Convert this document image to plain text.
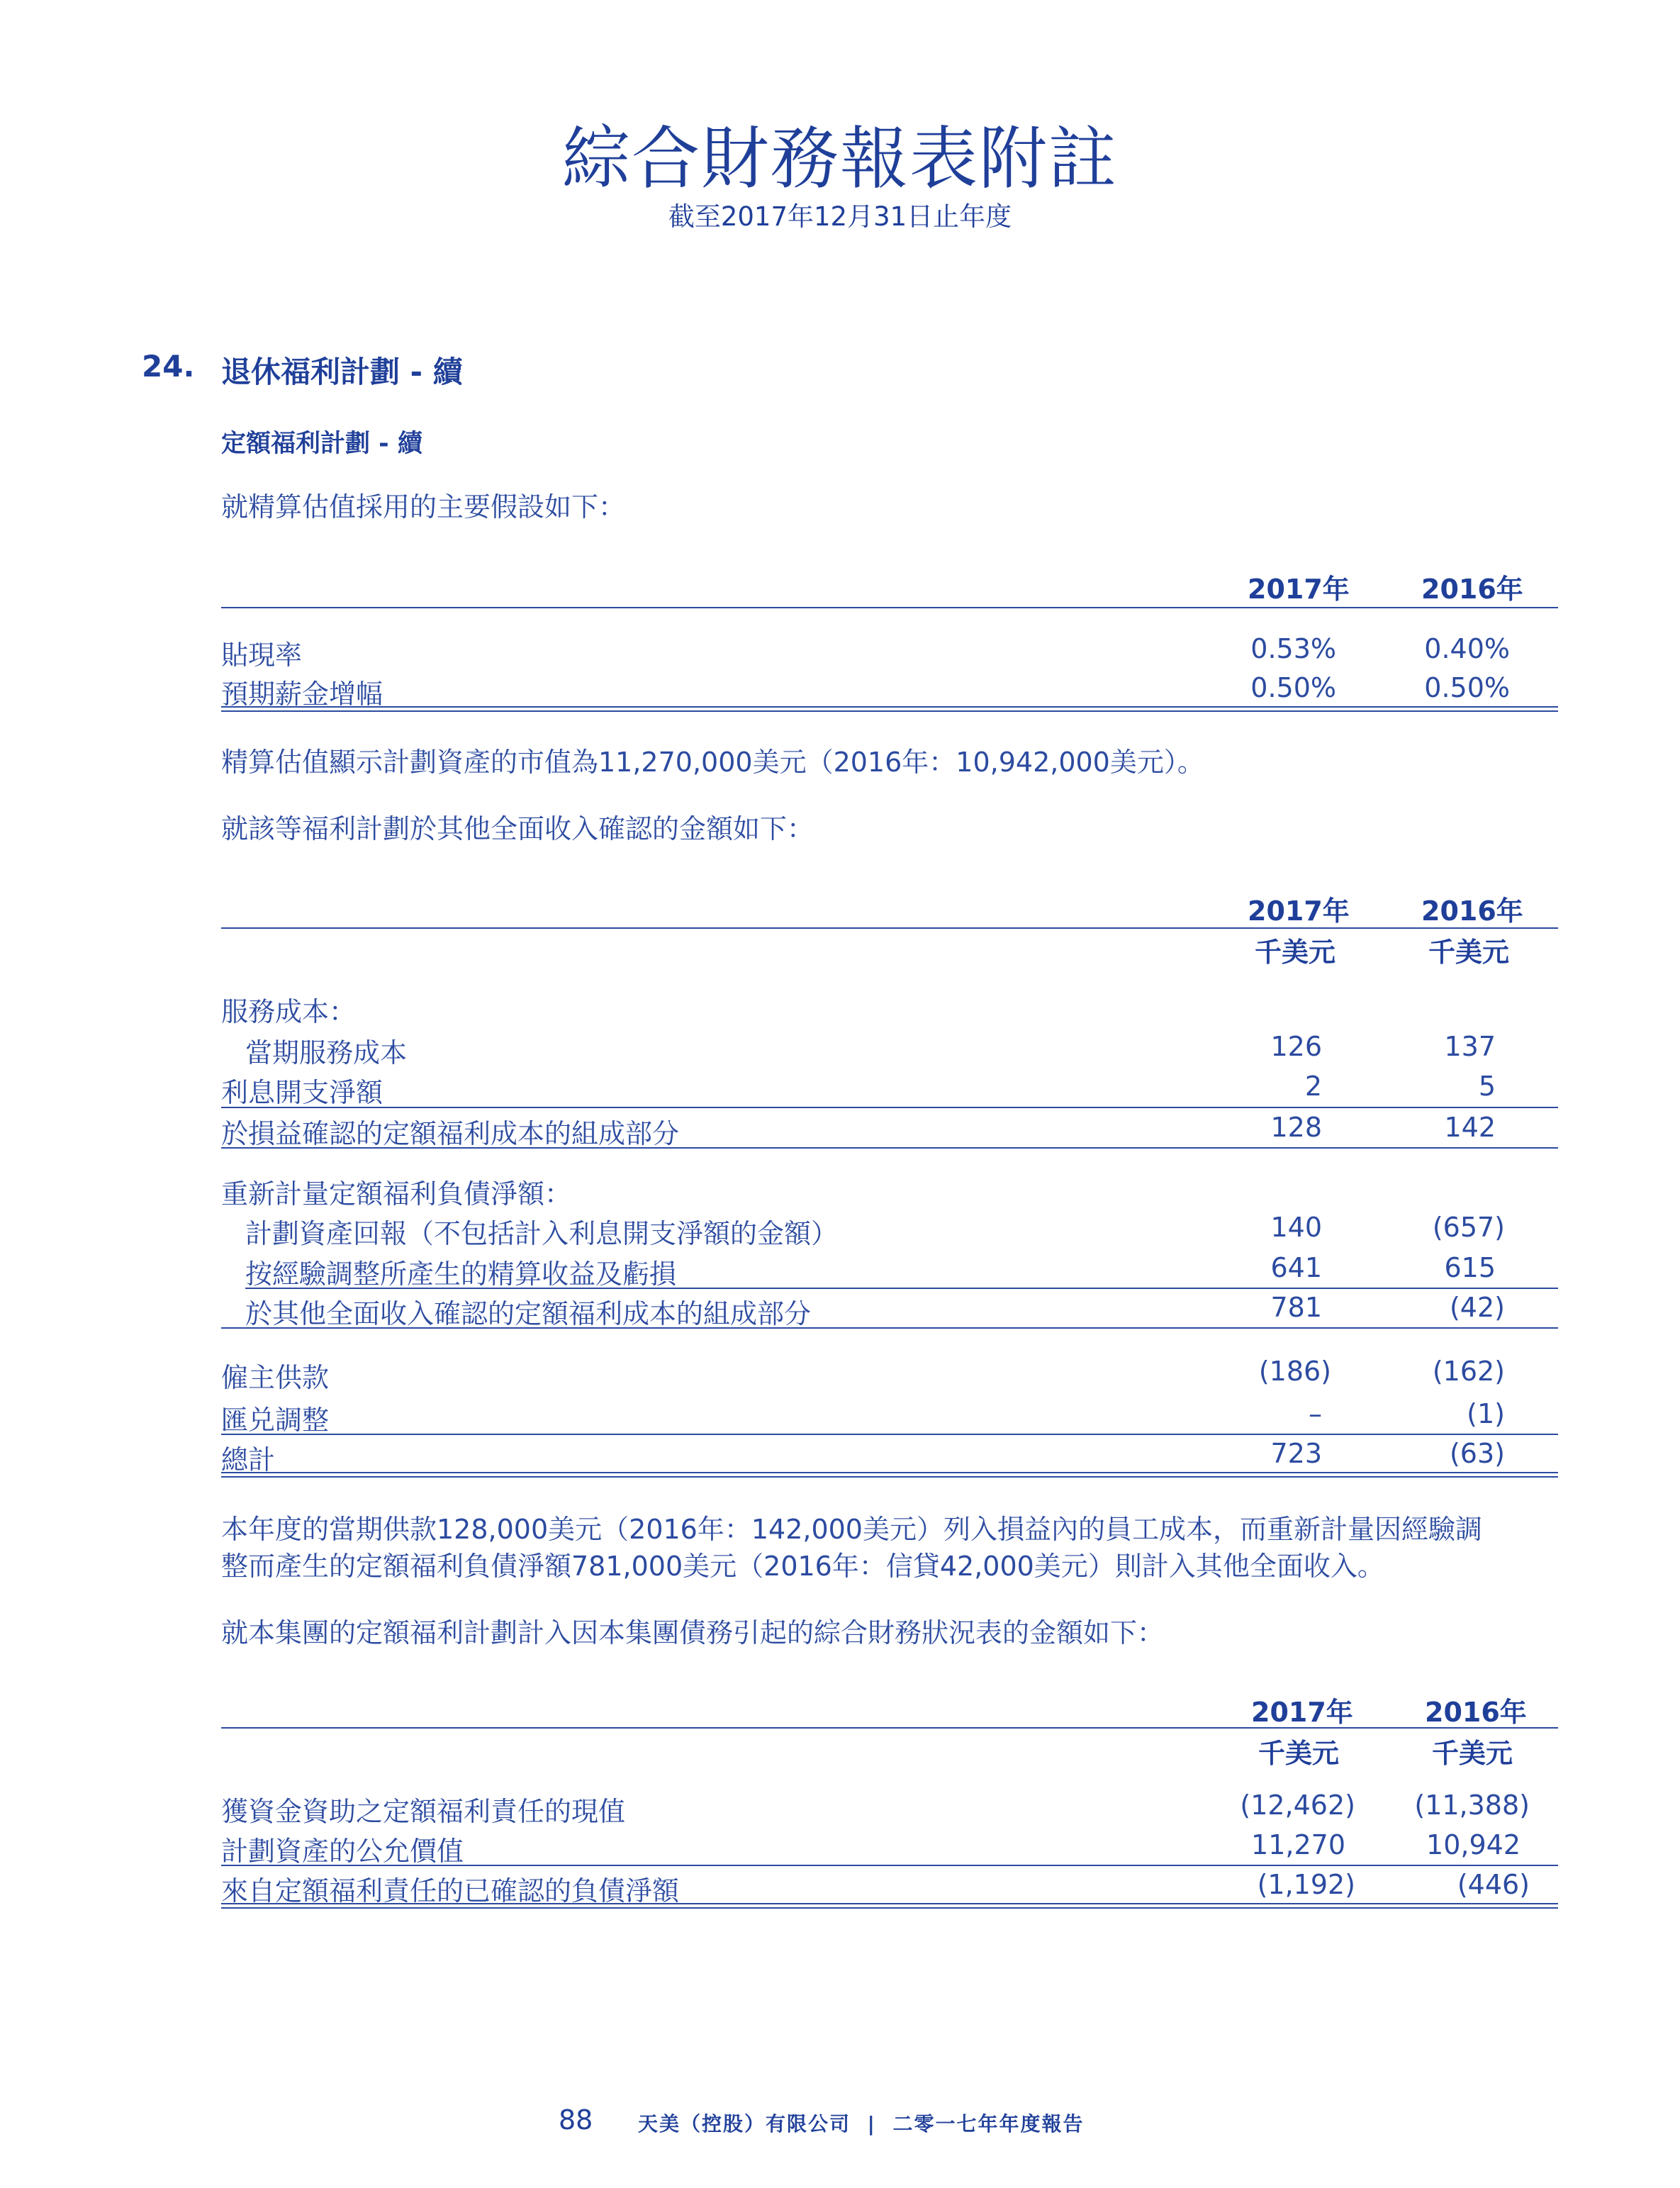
綜合財務報表附註
截至2017年12月31日止年度
24. 退休福利計劃 - 續
定額福利計劃 - 續
就精算估值採用的主要假設如下：
2017年	2016年
貼現率	0.53%	0.40%
預期薪金增幅	0.50%	0.50%
精算估值顯示計劃資產的市值為11,270,000美元（2016年：10,942,000美元）。
就該等福利計劃於其他全面收入確認的金額如下：
2017年	2016年
千美元	千美元
服務成本：
當期服務成本	126	137
利息開支淨額	2	5
於損益確認的定額福利成本的組成部分	128	142
重新計量定額福利負債淨額：
計劃資產回報（不包括計入利息開支淨額的金額）	140	(657)
按經驗調整所產生的精算收益及虧損	641	615
於其他全面收入確認的定額福利成本的組成部分	781	(42)
僱主供款	(186)	(162)
匯兑調整	–	(1)
總計	723	(63)
本年度的當期供款128,000美元（2016年：142,000美元）列入損益內的員工成本，而重新計量因經驗調
整而產生的定額福利負債淨額781,000美元（2016年：信貸42,000美元）則計入其他全面收入。
就本集團的定額福利計劃計入因本集團債務引起的綜合財務狀況表的金額如下：
2017年	2016年
千美元	千美元
獲資金資助之定額福利責任的現值	(12,462)	(11,388)
計劃資產的公允價值	11,270	10,942
來自定額福利責任的已確認的負債淨額	(1,192)	(446)
88 天美（控股）有限公司 | 二零一七年年度報告
